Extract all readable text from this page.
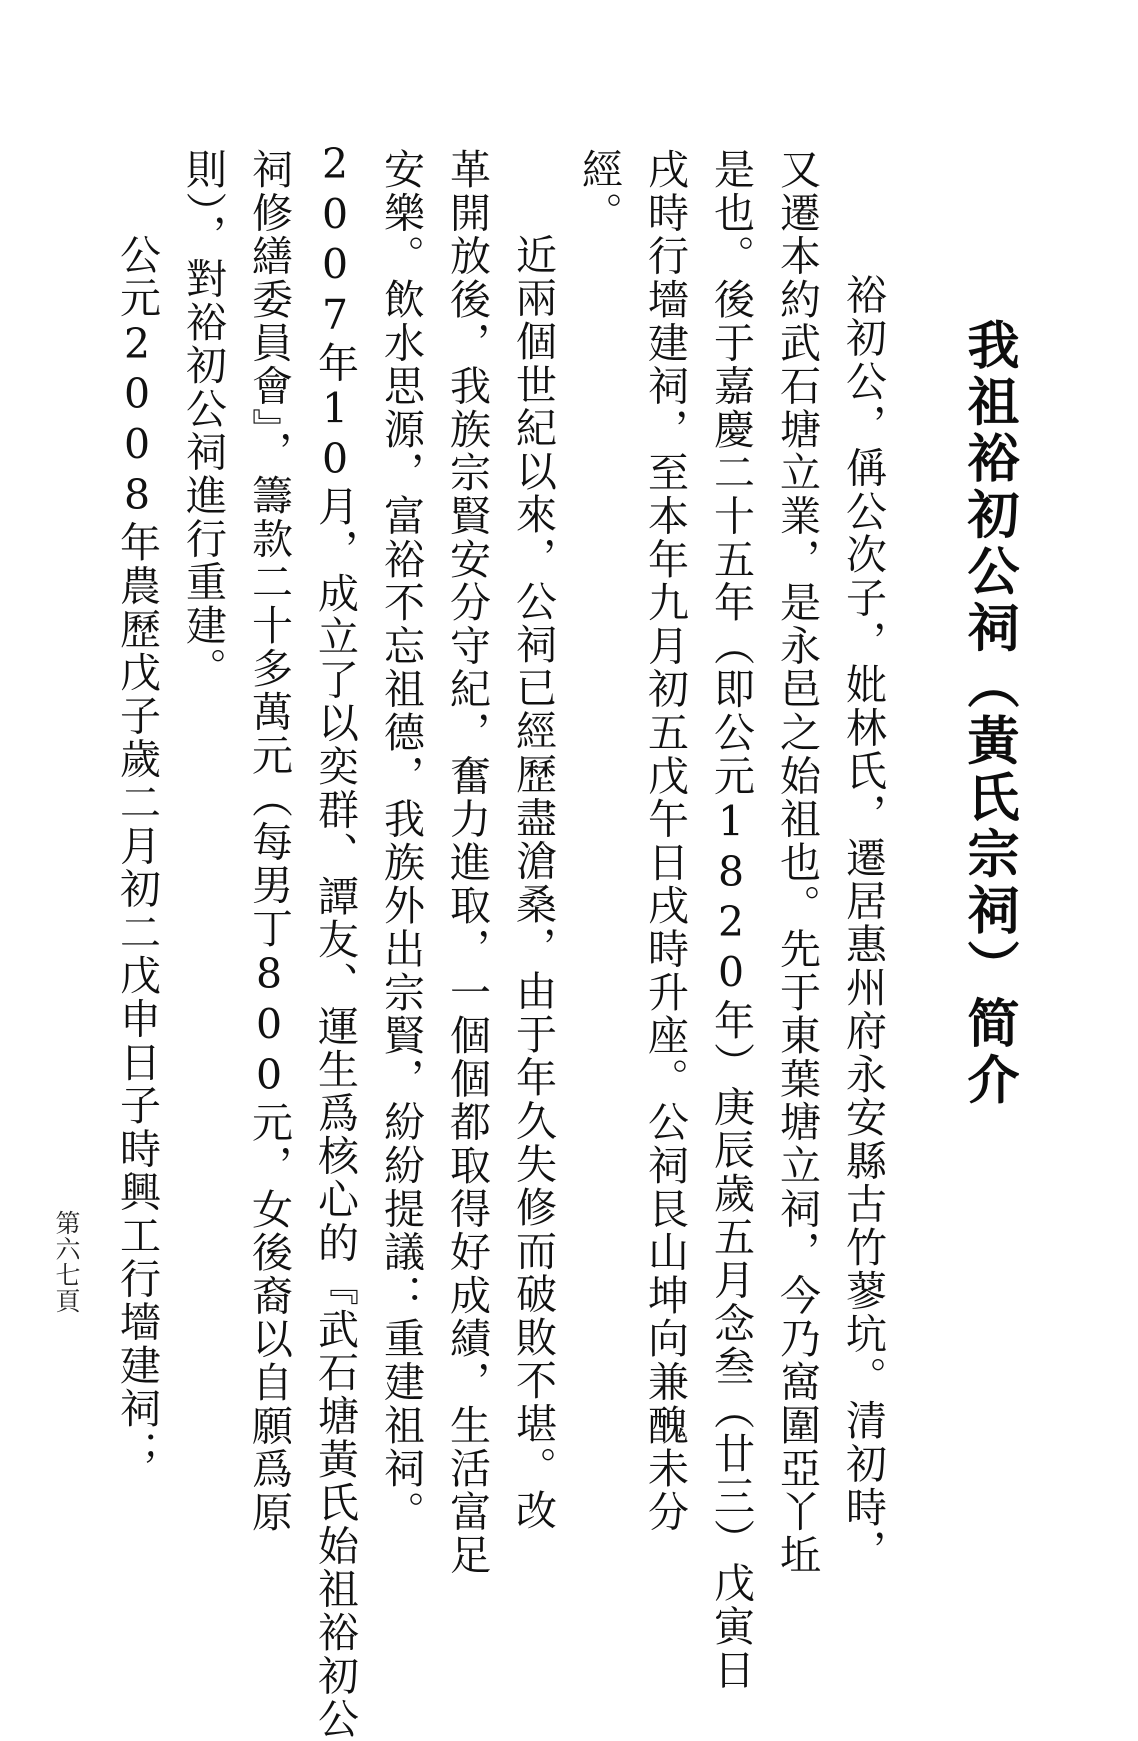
我祖裕初公祠（黃氏宗祠）简介
　裕初公，偁公次子，妣林氏，遷居惠州府永安縣古竹蓼坑。清初時，
又遷本約武石塘立業，是永邑之始祖也。先于東葉塘立祠，今乃窩圍亞丫坵
是也。後于嘉慶二十五年（即公元1820年）庚辰歲五月念叁（廿三）戊寅日
戌時行墻建祠，至本年九月初五戊午日戌時升座。公祠艮山坤向兼醜未分
經。
　近兩個世紀以來，公祠已經歷盡滄桑，由于年久失修而破敗不堪。改
革開放後，我族宗賢安分守紀，奮力進取，一個個都取得好成績，生活富足
安樂。飲水思源，富裕不忘祖德，我族外出宗賢，紛紛提議：重建祖祠。
2007年10月，成立了以奕群、譚友、運生爲核心的『武石塘黃氏始祖裕初公
祠修繕委員會』，籌款二十多萬元（每男丁800元，女後裔以自願爲原
則），對裕初公祠進行重建。
　公元2008年農歷戊子歲二月初二戊申日子時興工行墻建祠；
第六七頁
